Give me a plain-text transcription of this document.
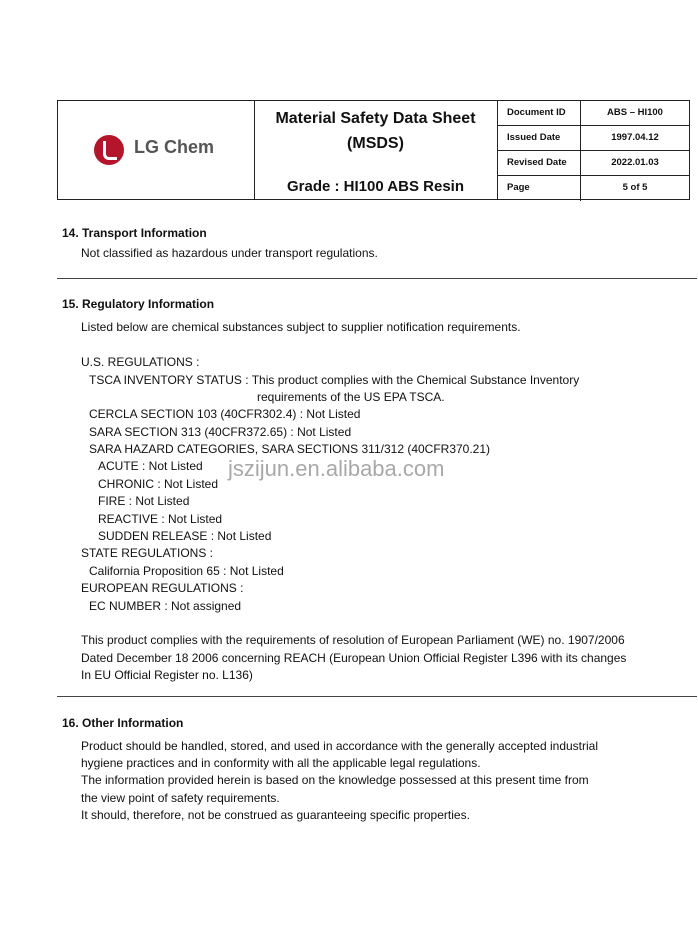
LG Chem
Material Safety Data Sheet
(MSDS)
Grade : HI100 ABS Resin
Document ID	ABS – HI100
Issued Date	1997.04.12
Revised Date	2022.01.03
Page	5 of 5
14. Transport Information
Not classified as hazardous under transport regulations.
15. Regulatory Information
Listed below are chemical substances subject to supplier notification requirements.
U.S. REGULATIONS :
TSCA INVENTORY STATUS : This product complies with the Chemical Substance Inventory
requirements of the US EPA TSCA.
CERCLA SECTION 103 (40CFR302.4) : Not Listed
SARA SECTION 313 (40CFR372.65) : Not Listed
SARA HAZARD CATEGORIES, SARA SECTIONS 311/312 (40CFR370.21)
ACUTE : Not Listed
CHRONIC : Not Listed
FIRE : Not Listed
REACTIVE : Not Listed
SUDDEN RELEASE : Not Listed
STATE REGULATIONS :
California Proposition 65 : Not Listed
EUROPEAN REGULATIONS :
EC NUMBER : Not assigned
This product complies with the requirements of resolution of European Parliament (WE) no. 1907/2006
Dated December 18 2006 concerning REACH (European Union Official Register L396 with its changes
In EU Official Register no. L136)
jszijun.en.alibaba.com
16. Other Information
Product should be handled, stored, and used in accordance with the generally accepted industrial
hygiene practices and in conformity with all the applicable legal regulations.
The information provided herein is based on the knowledge possessed at this present time from
the view point of safety requirements.
It should, therefore, not be construed as guaranteeing specific properties.
